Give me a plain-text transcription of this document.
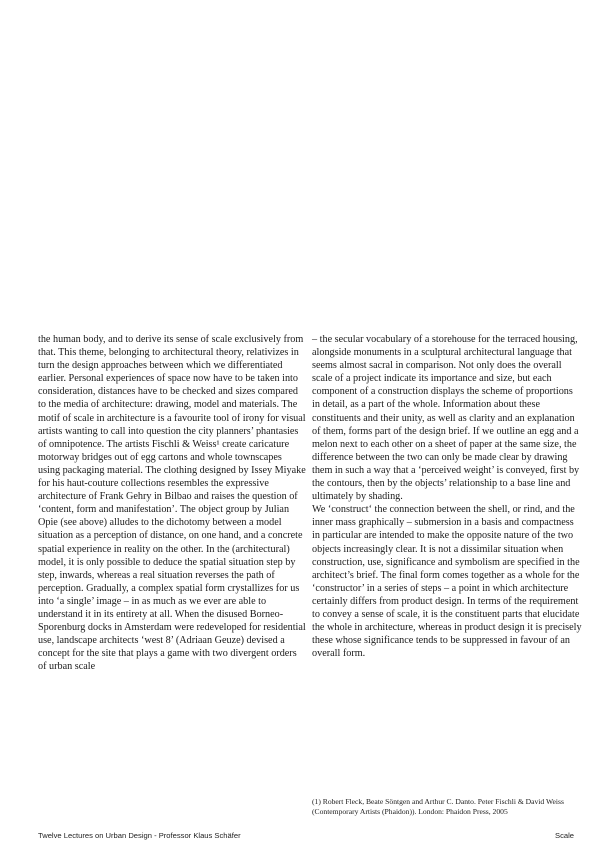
the human body, and to derive its sense of scale exclusively from that. This theme, belonging to architectural theory, relativizes in turn the design approaches between which we differentiated earlier. Personal experiences of space now have to be taken into consideration, distances have to be checked and sizes compared to the media of architecture: drawing, model and materials. The motif of scale in architecture is a favourite tool of irony for visual artists wanting to call into question the city planners’ phantasies of omnipotence. The artists Fischli & Weiss¹ create caricature motorway bridges out of egg cartons and whole townscapes using packaging material. The clothing designed by Issey Miyake for his haut-couture collections resembles the expressive architecture of Frank Gehry in Bilbao and raises the question of ‘content, form and manifestation’. The object group by Julian Opie (see above) alludes to the dichotomy between a model situation as a perception of distance, on one hand, and a concrete spatial experience in reality on the other. In the (architectural) model, it is only possible to deduce the spatial situation step by step, inwards, whereas a real situation reverses the path of perception. Gradually, a complex spatial form crystallizes for us into ‘a single’ image – in as much as we ever are able to understand it in its entirety at all. When the disused Borneo-Sporenburg docks in Amsterdam were redeveloped for residential use, landscape architects ‘west 8’ (Adriaan Geuze) devised a concept for the site that plays a game with two divergent orders of urban scale

– the secular vocabulary of a storehouse for the terraced housing, alongside monuments in a sculptural architectural language that seems almost sacral in comparison. Not only does the overall scale of a project indicate its importance and size, but each component of a construction displays the scheme of proportions in detail, as a part of the whole. Information about these constituents and their unity, as well as clarity and an explanation of them, forms part of the design brief. If we outline an egg and a melon next to each other on a sheet of paper at the same size, the difference between the two can only be made clear by drawing them in such a way that a ‘perceived weight’ is conveyed, first by the contours, then by the objects’ relationship to a base line and ultimately by shading.

We ‘construct‘ the connection between the shell, or rind, and the inner mass graphically – submersion in a basis and compactness in particular are intended to make the opposite nature of the two objects increasingly clear. It is not a dissimilar situation when construction, use, significance and symbolism are specified in the architect’s brief. The final form comes together as a whole for the ‘constructor’ in a series of steps – a point in which architecture certainly differs from product design. In terms of the requirement to convey a sense of scale, it is the constituent parts that elucidate the whole in architecture, whereas in product design it is precisely these whose significance tends to be suppressed in favour of an overall form.

(1) Robert Fleck, Beate Söntgen and Arthur C. Danto. Peter Fischli & David Weiss (Contemporary Artists (Phaidon)). London: Phaidon Press, 2005
Twelve Lectures on Urban Design - Professor Klaus Schäfer	Scale
